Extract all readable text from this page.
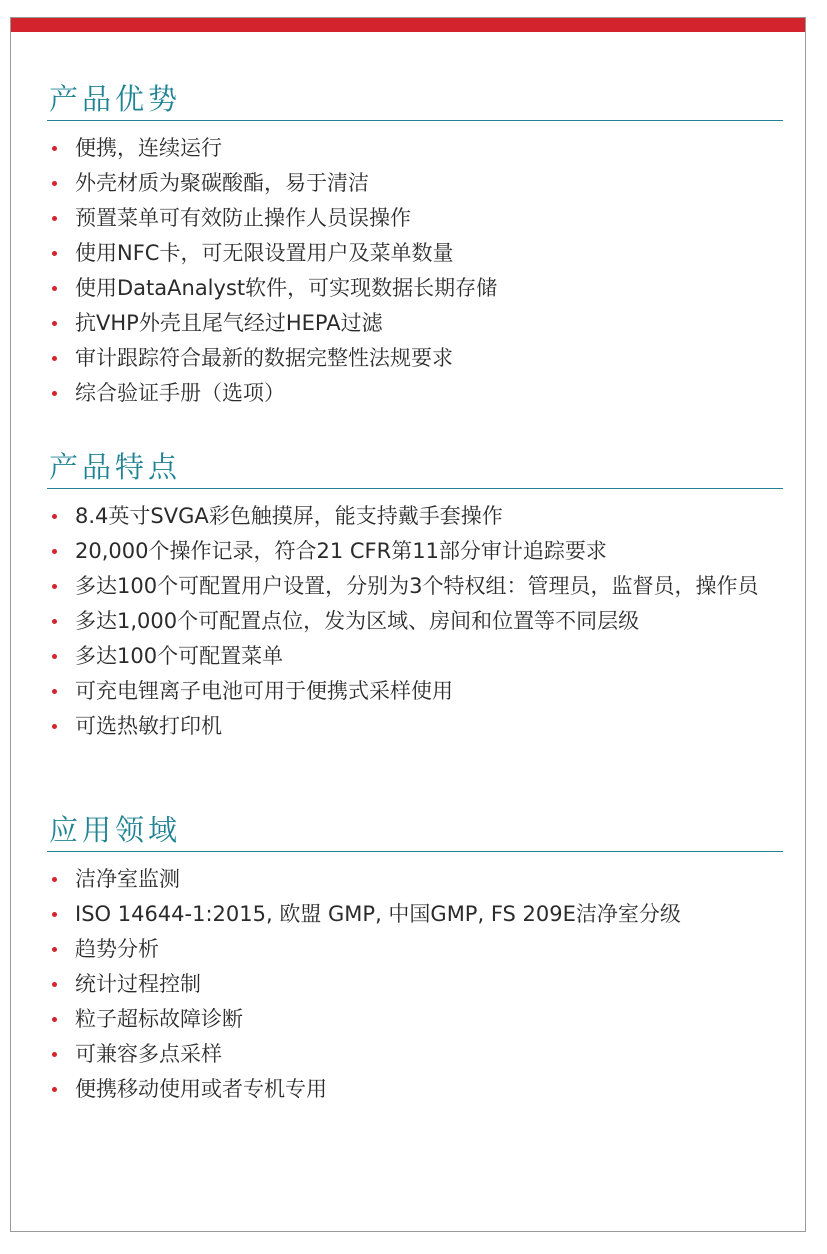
产品优势
便携，连续运行
外壳材质为聚碳酸酯，易于清洁
预置菜单可有效防止操作人员误操作
使用NFC卡，可无限设置用户及菜单数量
使用DataAnalyst软件，可实现数据长期存储
抗VHP外壳且尾气经过HEPA过滤
审计跟踪符合最新的数据完整性法规要求
综合验证手册（选项）
产品特点
8.4英寸SVGA彩色触摸屏，能支持戴手套操作
20,000个操作记录，符合21 CFR第11部分审计追踪要求
多达100个可配置用户设置，分别为3个特权组：管理员，监督员，操作员
多达1,000个可配置点位，发为区域、房间和位置等不同层级
多达100个可配置菜单
可充电锂离子电池可用于便携式采样使用
可选热敏打印机
应用领域
洁净室监测
ISO 14644-1:2015, 欧盟 GMP, 中国GMP, FS 209E洁净室分级
趋势分析
统计过程控制
粒子超标故障诊断
可兼容多点采样
便携移动使用或者专机专用
